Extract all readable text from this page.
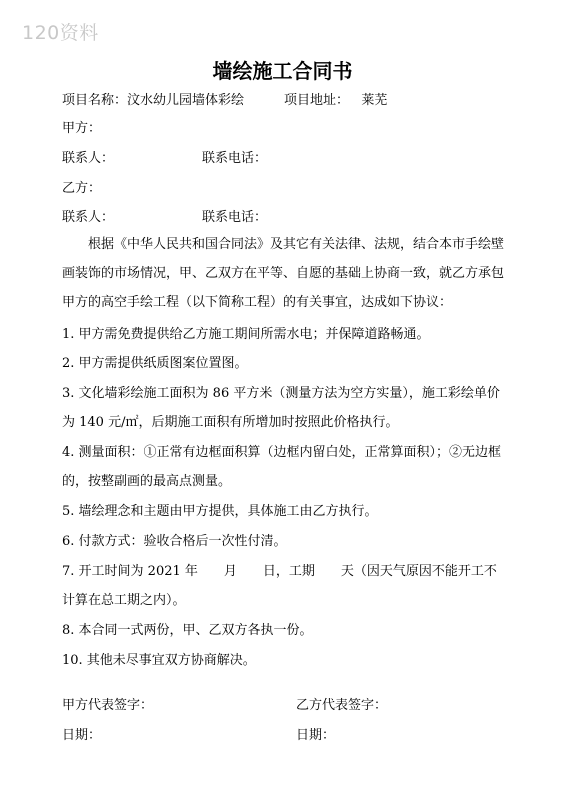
120资料
墙绘施工合同书
项目名称：汶水幼儿园墙体彩绘	项目地址： 莱芜
甲方：
联系人：	联系电话：
乙方：
联系人：	联系电话：
根据《中华人民共和国合同法》及其它有关法律、法规，结合本市手绘壁画装饰的市场情况，甲、乙双方在平等、自愿的基础上协商一致，就乙方承包甲方的高空手绘工程（以下简称工程）的有关事宜，达成如下协议：
1. 甲方需免费提供给乙方施工期间所需水电；并保障道路畅通。
2. 甲方需提供纸质图案位置图。
3. 文化墙彩绘施工面积为 86 平方米（测量方法为空方实量），施工彩绘单价为 140 元/㎡，后期施工面积有所增加时按照此价格执行。
4. 测量面积：①正常有边框面积算（边框内留白处，正常算面积）；②无边框的，按整副画的最高点测量。
5. 墙绘理念和主题由甲方提供，具体施工由乙方执行。
6. 付款方式：验收合格后一次性付清。
7. 开工时间为 2021 年　　月　　日，工期　　天（因天气原因不能开工不计算在总工期之内）。
8. 本合同一式两份，甲、乙双方各执一份。
10. 其他未尽事宜双方协商解决。
甲方代表签字：	乙方代表签字：
日期：	日期：
